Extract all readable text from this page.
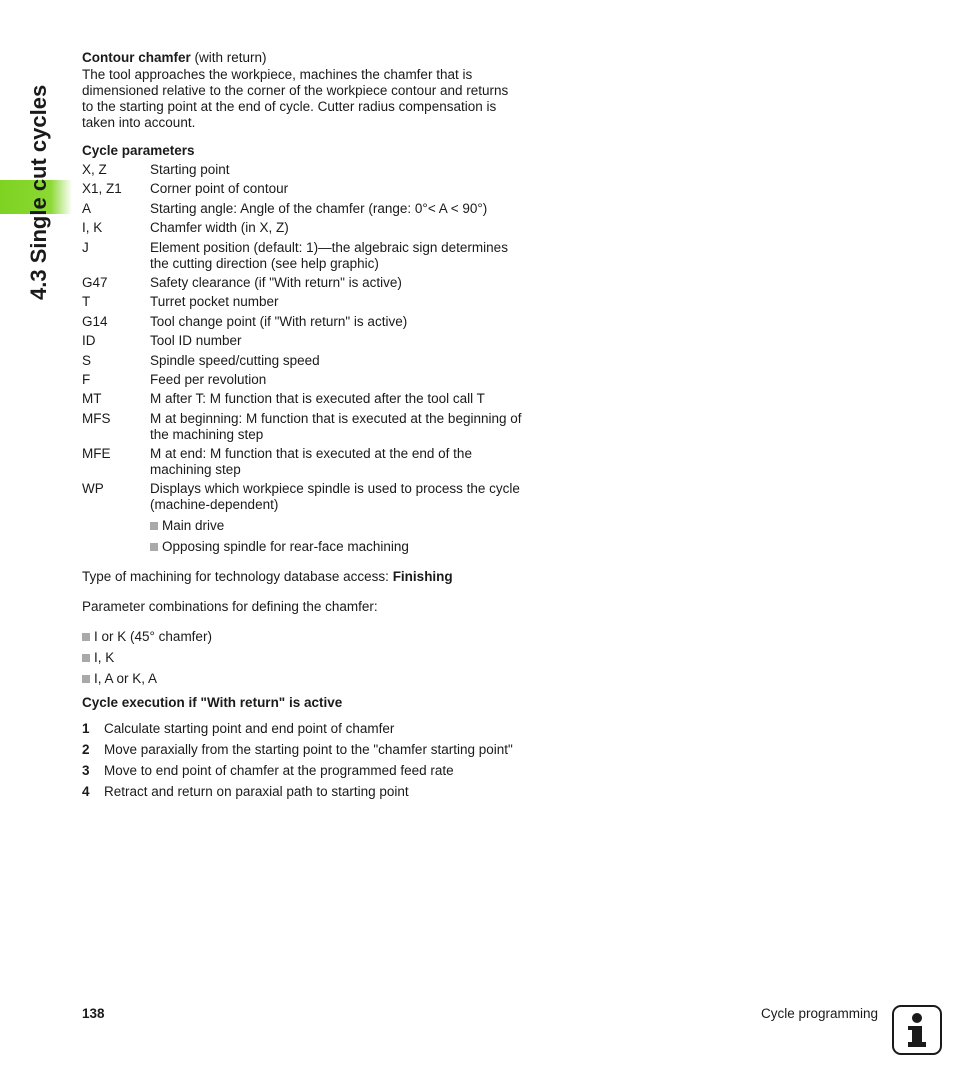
4.3 Single cut cycles

Contour chamfer (with return)

The tool approaches the workpiece, machines the chamfer that is dimensioned relative to the corner of the workpiece contour and returns to the starting point at the end of cycle. Cutter radius compensation is taken into account.

Cycle parameters

X, Z	Starting point
X1, Z1	Corner point of contour
A	Starting angle: Angle of the chamfer (range: 0°< A < 90°)
I, K	Chamfer width (in X, Z)
J	Element position (default: 1)—the algebraic sign determines the cutting direction (see help graphic)
G47	Safety clearance (if "With return" is active)
T	Turret pocket number
G14	Tool change point (if "With return" is active)
ID	Tool ID number
S	Spindle speed/cutting speed
F	Feed per revolution
MT	M after T: M function that is executed after the tool call T
MFS	M at beginning: M function that is executed at the beginning of the machining step
MFE	M at end: M function that is executed at the end of the machining step
WP	Displays which workpiece spindle is used to process the cycle (machine-dependent)
Main drive
Opposing spindle for rear-face machining

Type of machining for technology database access: Finishing

Parameter combinations for defining the chamfer:

I or K (45° chamfer)
I, K
I, A or K, A

Cycle execution if "With return" is active

1	Calculate starting point and end point of chamfer
2	Move paraxially from the starting point to the "chamfer starting point"
3	Move to end point of chamfer at the programmed feed rate
4	Retract and return on paraxial path to starting point
138	Cycle programming
